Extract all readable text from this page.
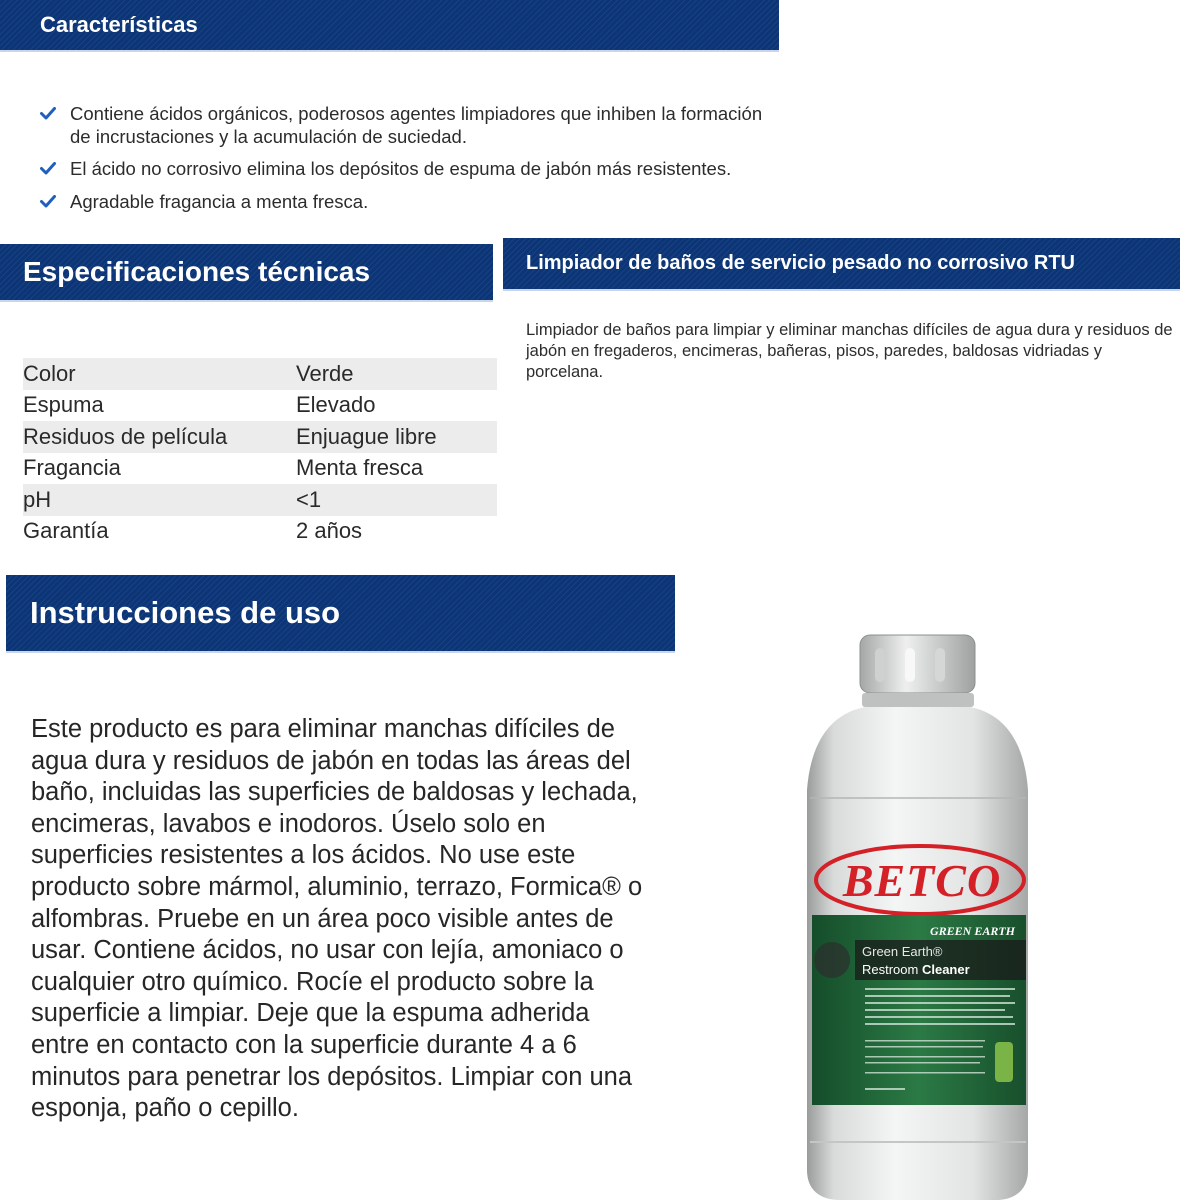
Características
Contiene ácidos orgánicos, poderosos agentes limpiadores que inhiben la formación de incrustaciones y la acumulación de suciedad.
El ácido no corrosivo elimina los depósitos de espuma de jabón más resistentes.
Agradable fragancia a menta fresca.
Especificaciones técnicas	Limpiador de baños de servicio pesado no corrosivo RTU

Limpiador de baños para limpiar y eliminar manchas difíciles de agua dura y residuos de jabón en fregaderos, encimeras, bañeras, pisos, paredes, baldosas vidriadas y porcelana.

Color	Verde
Espuma	Elevado
Residuos de película	Enjuague libre
Fragancia	Menta fresca
pH	<1
Garantía	2 años
Instrucciones de uso

Este producto es para eliminar manchas difíciles de agua dura y residuos de jabón en todas las áreas del baño, incluidas las superficies de baldosas y lechada, encimeras, lavabos e inodoros. Úselo solo en superficies resistentes a los ácidos. No use este producto sobre mármol, aluminio, terrazo, Formica® o alfombras. Pruebe en un área poco visible antes de usar. Contiene ácidos, no usar con lejía, amoniaco o cualquier otro químico. Rocíe el producto sobre la superficie a limpiar. Deje que la espuma adherida entre en contacto con la superficie durante 4 a 6 minutos para penetrar los depósitos. Limpiar con una esponja, paño o cepillo.

BETCO
GREEN EARTH
Green Earth®
Restroom Cleaner
